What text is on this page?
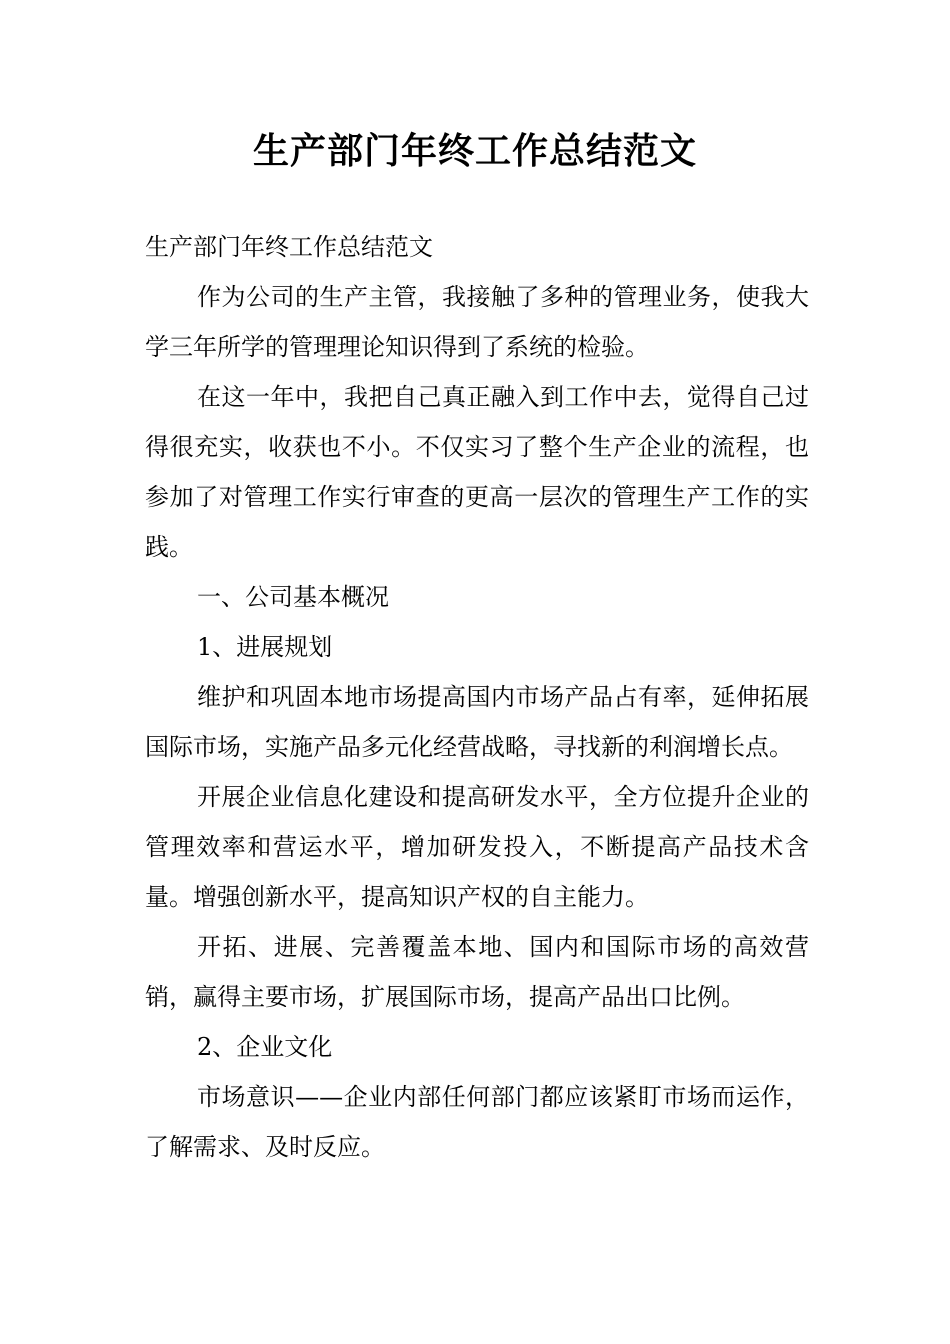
生产部门年终工作总结范文

生产部门年终工作总结范文

作为公司的生产主管，我接触了多种的管理业务，使我大学三年所学的管理理论知识得到了系统的检验。

在这一年中，我把自己真正融入到工作中去，觉得自己过得很充实，收获也不小。不仅实习了整个生产企业的流程，也参加了对管理工作实行审查的更高一层次的管理生产工作的实践。

一、公司基本概况

1、进展规划

维护和巩固本地市场提高国内市场产品占有率，延伸拓展国际市场，实施产品多元化经营战略，寻找新的利润增长点。

开展企业信息化建设和提高研发水平，全方位提升企业的管理效率和营运水平，增加研发投入，不断提高产品技术含量。增强创新水平，提高知识产权的自主能力。

开拓、进展、完善覆盖本地、国内和国际市场的高效营销，赢得主要市场，扩展国际市场，提高产品出口比例。

2、企业文化

市场意识——企业内部任何部门都应该紧盯市场而运作，了解需求、及时反应。
